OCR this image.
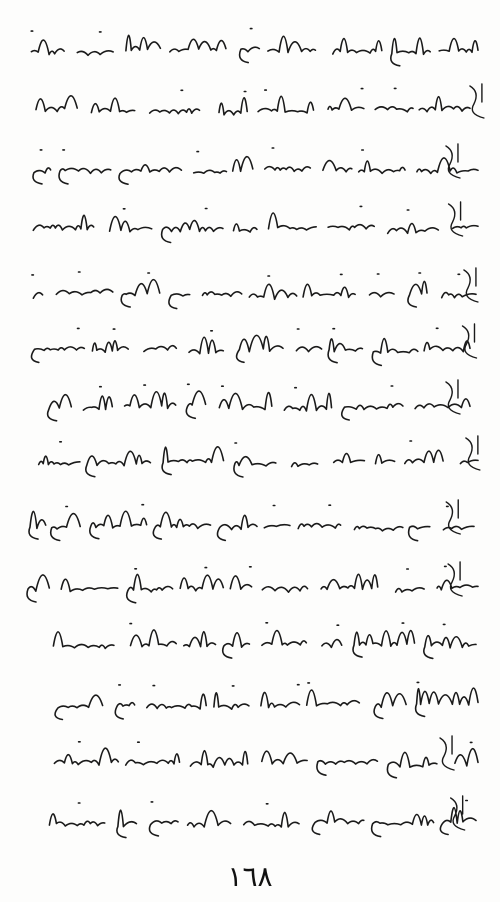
١٦٨
